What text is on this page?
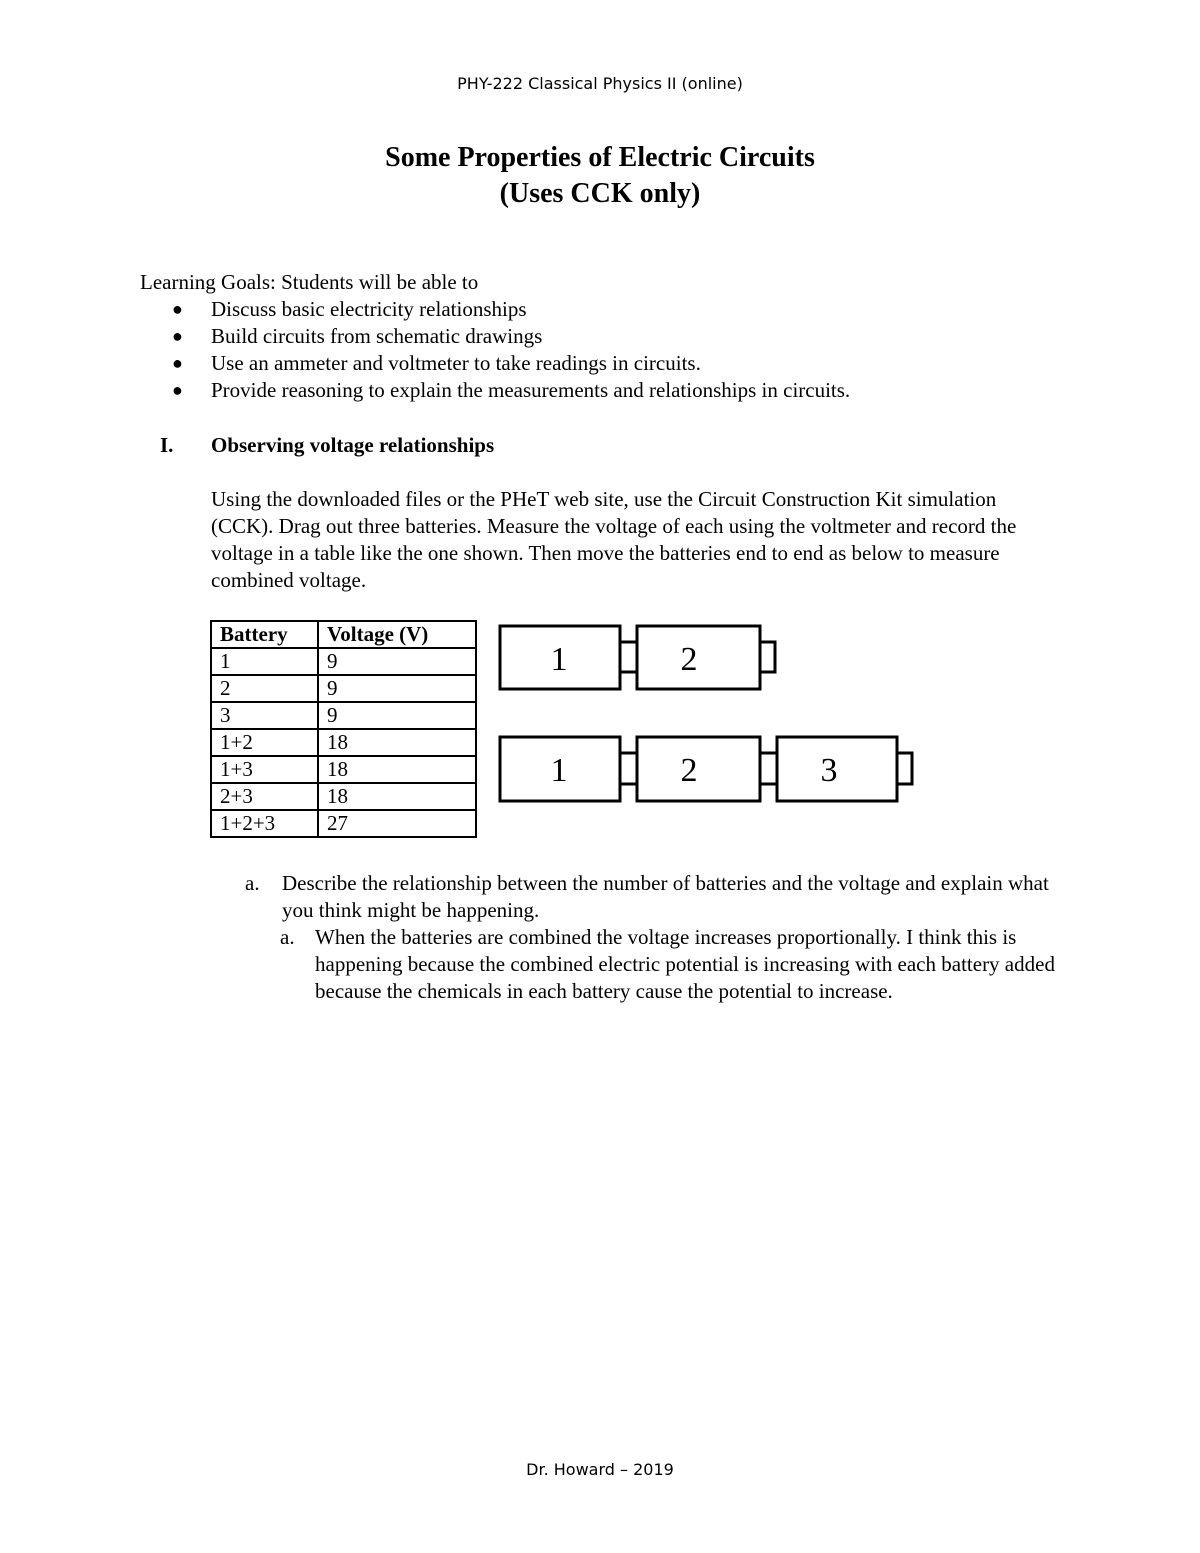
PHY-222 Classical Physics II (online)
Some Properties of Electric Circuits
(Uses CCK only)
Learning Goals: Students will be able to
● Discuss basic electricity relationships
● Build circuits from schematic drawings
● Use an ammeter and voltmeter to take readings in circuits.
● Provide reasoning to explain the measurements and relationships in circuits.
I. Observing voltage relationships
Using the downloaded files or the PHeT web site, use the Circuit Construction Kit simulation (CCK). Drag out three batteries. Measure the voltage of each using the voltmeter and record the voltage in a table like the one shown. Then move the batteries end to end as below to measure combined voltage.
Battery	Voltage (V)
1	9
2	9
3	9
1+2	18
1+3	18
2+3	18
1+2+3	27
1	2
1	2	3
a. Describe the relationship between the number of batteries and the voltage and explain what you think might be happening.
a. When the batteries are combined the voltage increases proportionally. I think this is happening because the combined electric potential is increasing with each battery added because the chemicals in each battery cause the potential to increase.
Dr. Howard – 2019
